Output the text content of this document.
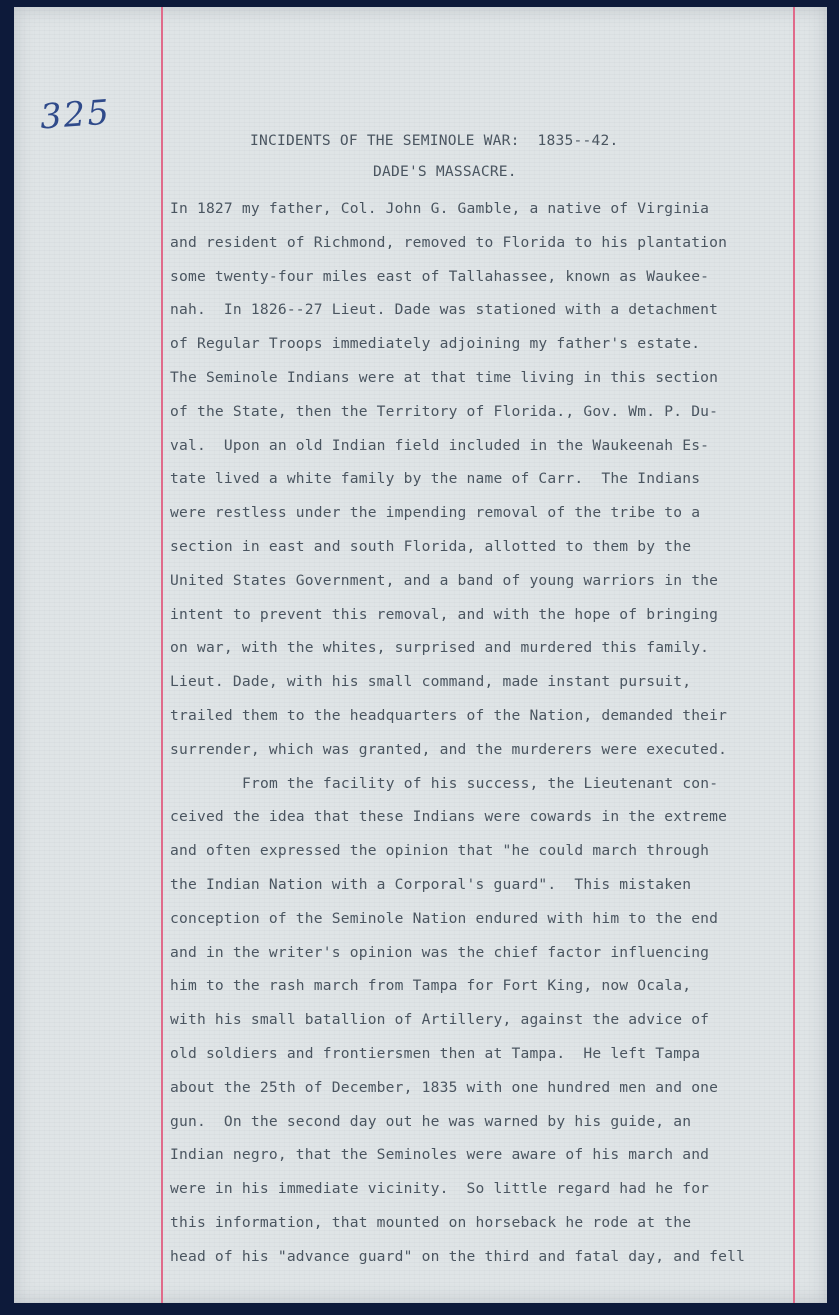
325
INCIDENTS OF THE SEMINOLE WAR:  1835--42.
DADE'S MASSACRE.
In 1827 my father, Col. John G. Gamble, a native of Virginia
and resident of Richmond, removed to Florida to his plantation
some twenty-four miles east of Tallahassee, known as Waukee-
nah.  In 1826--27 Lieut. Dade was stationed with a detachment
of Regular Troops immediately adjoining my father's estate.
The Seminole Indians were at that time living in this section
of the State, then the Territory of Florida., Gov. Wm. P. Du-
val.  Upon an old Indian field included in the Waukeenah Es-
tate lived a white family by the name of Carr.  The Indians
were restless under the impending removal of the tribe to a
section in east and south Florida, allotted to them by the
United States Government, and a band of young warriors in the
intent to prevent this removal, and with the hope of bringing
on war, with the whites, surprised and murdered this family.
Lieut. Dade, with his small command, made instant pursuit,
trailed them to the headquarters of the Nation, demanded their
surrender, which was granted, and the murderers were executed.
From the facility of his success, the Lieutenant con-
ceived the idea that these Indians were cowards in the extreme
and often expressed the opinion that "he could march through
the Indian Nation with a Corporal's guard".  This mistaken
conception of the Seminole Nation endured with him to the end
and in the writer's opinion was the chief factor influencing
him to the rash march from Tampa for Fort King, now Ocala,
with his small batallion of Artillery, against the advice of
old soldiers and frontiersmen then at Tampa.  He left Tampa
about the 25th of December, 1835 with one hundred men and one
gun.  On the second day out he was warned by his guide, an
Indian negro, that the Seminoles were aware of his march and
were in his immediate vicinity.  So little regard had he for
this information, that mounted on horseback he rode at the
head of his "advance guard" on the third and fatal day, and fell
